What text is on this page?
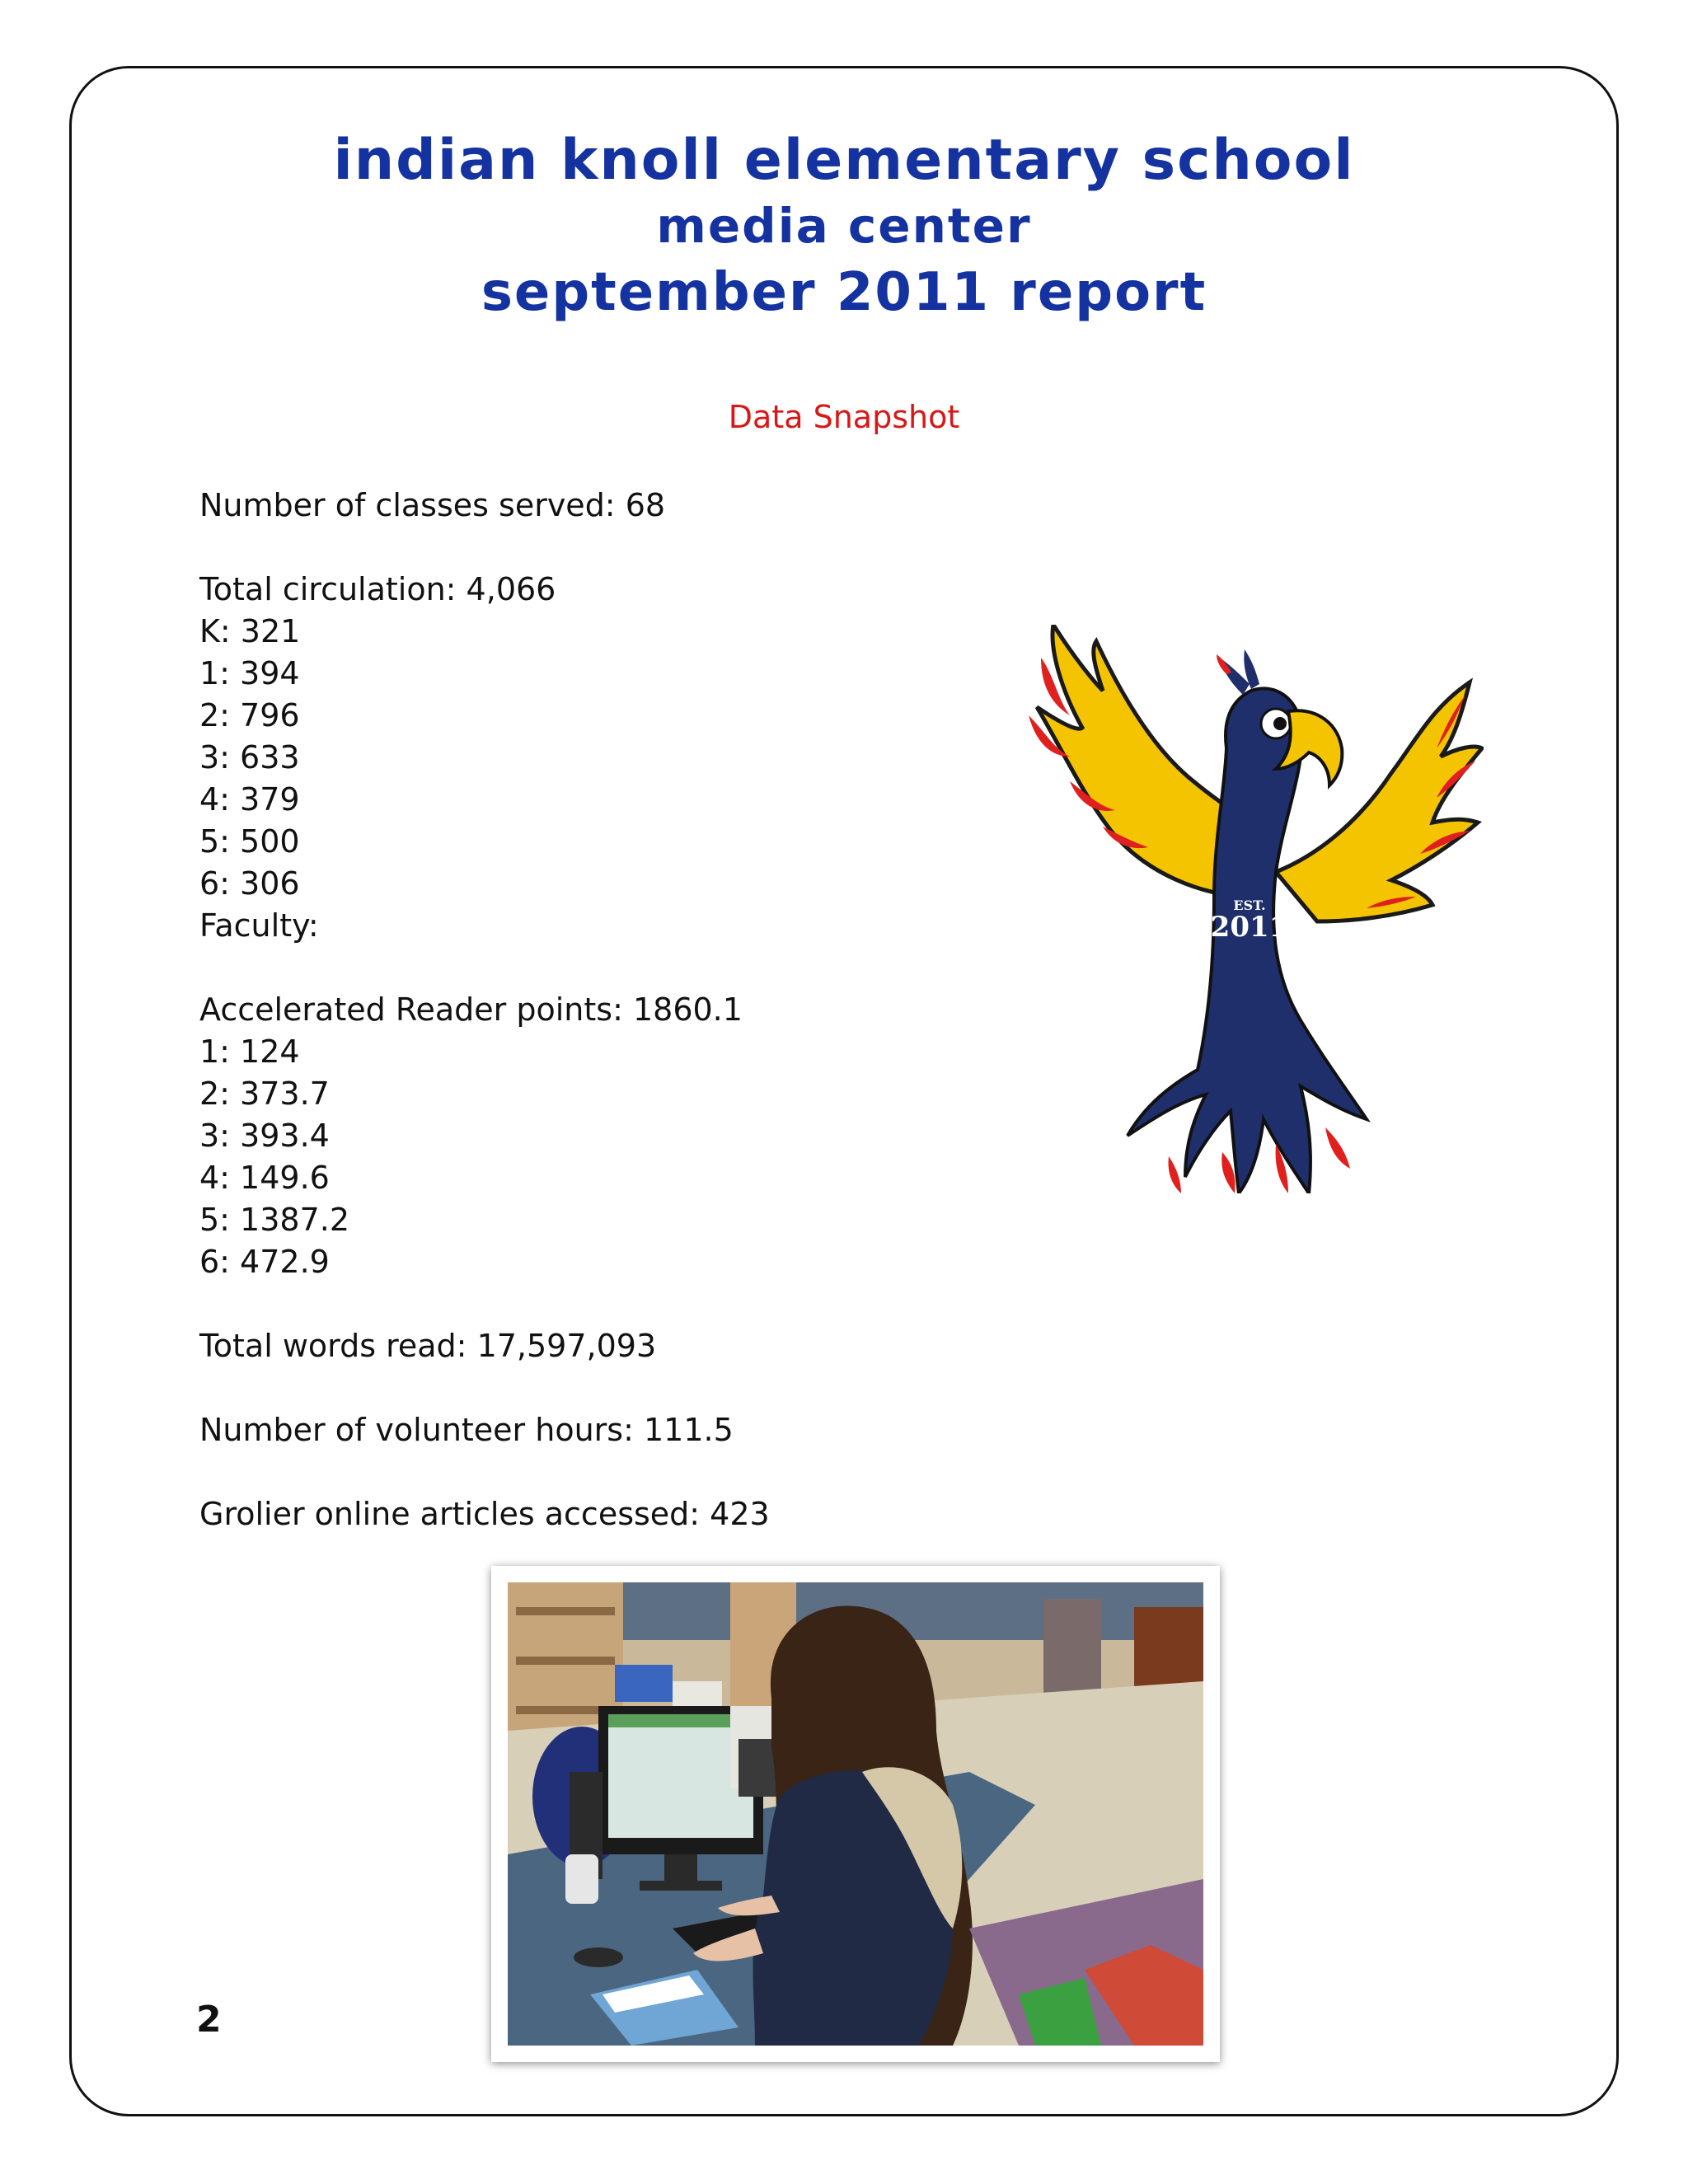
indian knoll elementary school
media center
september 2011 report
Data Snapshot
Number of classes served: 68
Total circulation: 4,066
K: 321
1: 394
2: 796
3: 633
4: 379
5: 500
6: 306
Faculty:
Accelerated Reader points: 1860.1
1: 124
2: 373.7
3: 393.4
4: 149.6
5: 1387.2
6: 472.9
Total words read: 17,597,093
Number of volunteer hours: 111.5
Grolier online articles accessed: 423
EST.
2011
2
